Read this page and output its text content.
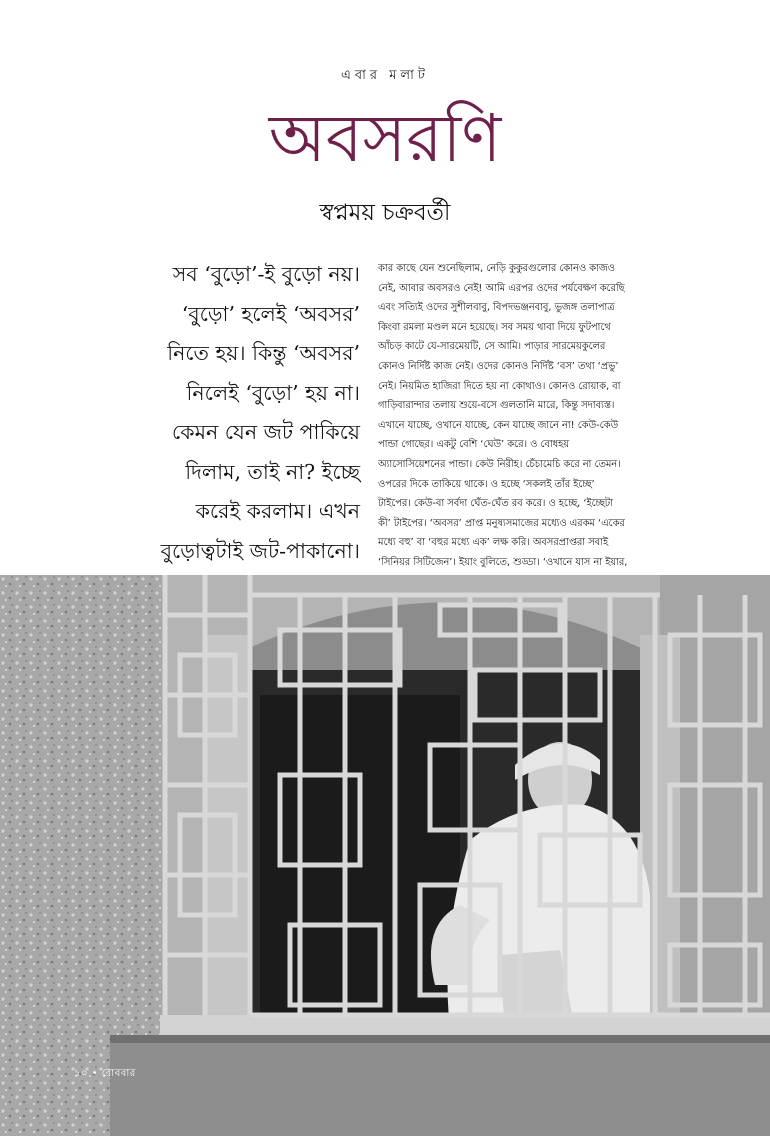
এবার মলাট
অবসরণি
স্বপ্নময় চক্রবর্তী
সব ‘বুড়ো’-ই বুড়ো নয়।
‘বুড়ো’ হলেই ‘অবসর’
নিতে হয়। কিন্তু ‘অবসর’
নিলেই ‘বুড়ো’ হয় না।
কেমন যেন জট পাকিয়ে
দিলাম, তাই না? ইচ্ছে
করেই করলাম। এখন
বুড়োত্বটাই জট-পাকানো।
কার কাছে যেন শুনেছিলাম, নেড়ি কুকুরগুলোর কোনও কাজও
নেই, আবার অবসরও নেই! আমি এরপর ওদের পর্যবেক্ষণ করেছি
এবং সত্যিই ওদের সুশীলবাবু, বিপদভঞ্জনবাবু, ভুজঙ্গ তলাপাত্র
কিংবা রমলা মণ্ডল মনে হয়েছে। সব সময় থাবা দিয়ে ফুটপাথে
আঁচড় কাটে যে-সারমেয়টি, সে আমি। পাড়ার সারমেয়কুলের
কোনও নির্দিষ্ট কাজ নেই। ওদের কোনও নির্দিষ্ট ‘বস’ তথা ‘প্রভু’
নেই। নিয়মিত হাজিরা দিতে হয় না কোথাও। কোনও রোয়াক, বা
গাড়িবারান্দার তলায় শুয়ে-বসে গুলতানি মারে, কিন্তু সদাব্যস্ত।
এখানে যাচ্ছে, ওখানে যাচ্ছে, কেন যাচ্ছে জানে না! কেউ-কেউ
পান্ডা গোছের। একটু বেশি ‘ঘেউ’ করে। ও বোধহয়
অ্যাসোসিয়েশনের পান্ডা। কেউ নিরীহ। চেঁচামেচি করে না তেমন।
ওপরের দিকে তাকিয়ে থাকে। ও হচ্ছে ‘সকলই তাঁর ইচ্ছে’
টাইপের। কেউ-বা সর্বদা ঘেঁত-ঘেঁত রব করে। ও হচ্ছে, ‘ইচ্ছেটা
কী’ টাইপের। ‘অবসর’ প্রাপ্ত মনুষ্যসমাজের মধ্যেও এরকম ‘একের
মধ্যে বহু’ বা ‘বহুর মধ্যে এক’ লক্ষ করি। অবসরপ্রাপ্তরা সবাই
‘সিনিয়র সিটিজেন’। ইয়াং বুলিতে, শুড্ডা। ‘ওখানে যাস না ইয়ার,
১০ • রোববার
